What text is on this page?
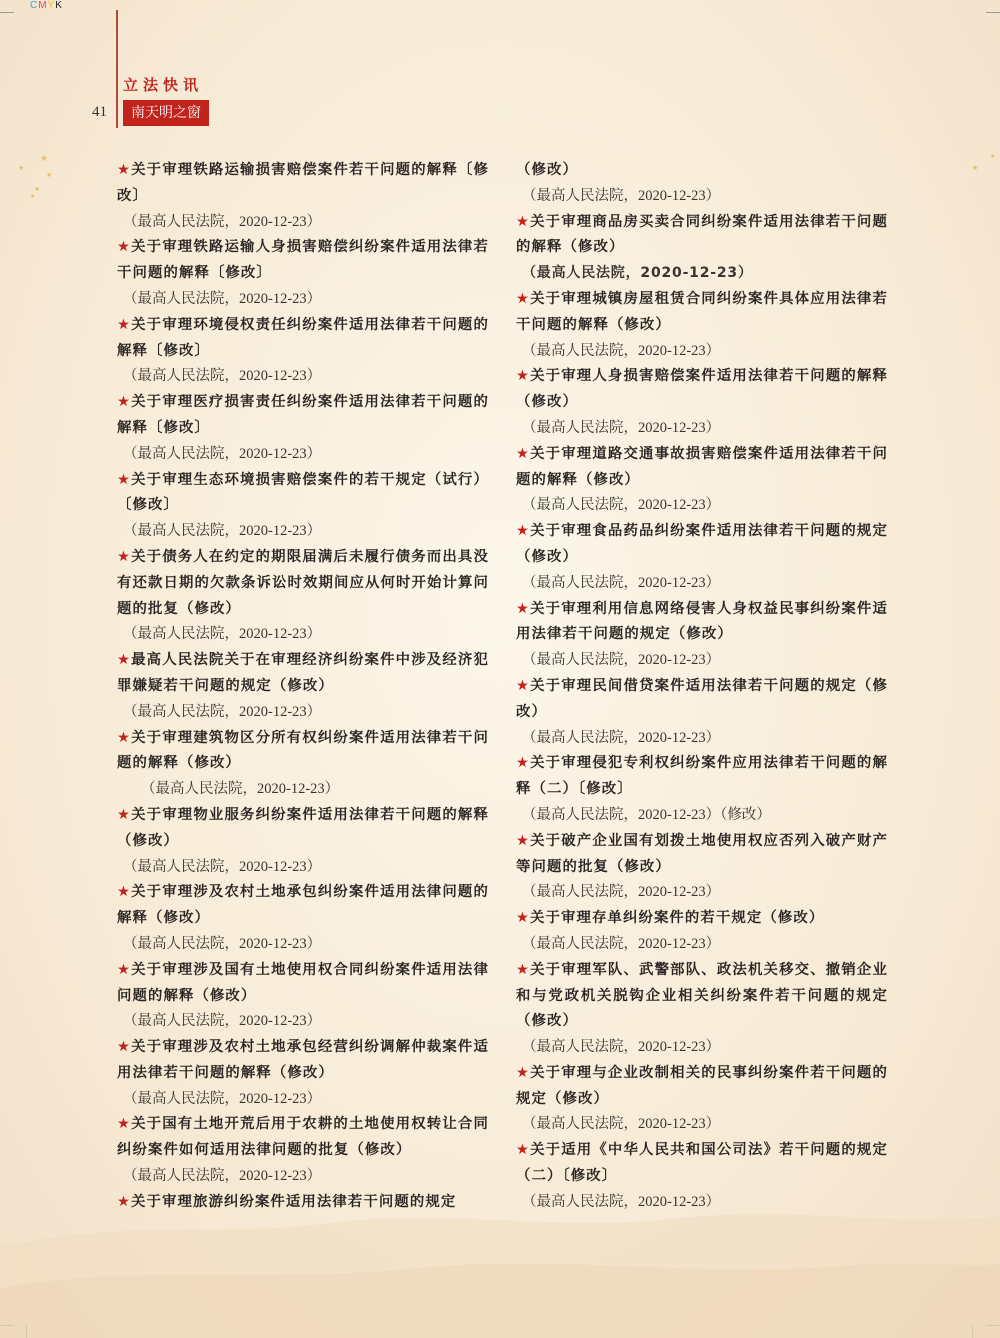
CMYK
★
★
★
★
★
★
★
立法快讯
41	南天明之窗
★关于审理铁路运输损害赔偿案件若干问题的解释〔修改〕
（最高人民法院，2020-12-23）
★关于审理铁路运输人身损害赔偿纠纷案件适用法律若干问题的解释〔修改〕
（最高人民法院，2020-12-23）
★关于审理环境侵权责任纠纷案件适用法律若干问题的解释〔修改〕
（最高人民法院，2020-12-23）
★关于审理医疗损害责任纠纷案件适用法律若干问题的解释〔修改〕
（最高人民法院，2020-12-23）
★关于审理生态环境损害赔偿案件的若干规定（试行）〔修改〕
（最高人民法院，2020-12-23）
★关于债务人在约定的期限届满后未履行债务而出具没有还款日期的欠款条诉讼时效期间应从何时开始计算问题的批复（修改）
（最高人民法院，2020-12-23）
★最高人民法院关于在审理经济纠纷案件中涉及经济犯罪嫌疑若干问题的规定（修改）
（最高人民法院，2020-12-23）
★关于审理建筑物区分所有权纠纷案件适用法律若干问题的解释（修改）
（最高人民法院，2020-12-23）
★关于审理物业服务纠纷案件适用法律若干问题的解释（修改）
（最高人民法院，2020-12-23）
★关于审理涉及农村土地承包纠纷案件适用法律问题的解释（修改）
（最高人民法院，2020-12-23）
★关于审理涉及国有土地使用权合同纠纷案件适用法律问题的解释（修改）
（最高人民法院，2020-12-23）
★关于审理涉及农村土地承包经营纠纷调解仲裁案件适用法律若干问题的解释（修改）
（最高人民法院，2020-12-23）
★关于国有土地开荒后用于农耕的土地使用权转让合同纠纷案件如何适用法律问题的批复（修改）
（最高人民法院，2020-12-23）
★关于审理旅游纠纷案件适用法律若干问题的规定
（修改）
（最高人民法院，2020-12-23）
★关于审理商品房买卖合同纠纷案件适用法律若干问题的解释（修改）
（最高人民法院，2020-12-23）
★关于审理城镇房屋租赁合同纠纷案件具体应用法律若干问题的解释（修改）
（最高人民法院，2020-12-23）
★关于审理人身损害赔偿案件适用法律若干问题的解释（修改）
（最高人民法院，2020-12-23）
★关于审理道路交通事故损害赔偿案件适用法律若干问题的解释（修改）
（最高人民法院，2020-12-23）
★关于审理食品药品纠纷案件适用法律若干问题的规定（修改）
（最高人民法院，2020-12-23）
★关于审理利用信息网络侵害人身权益民事纠纷案件适用法律若干问题的规定（修改）
（最高人民法院，2020-12-23）
★关于审理民间借贷案件适用法律若干问题的规定（修改）
（最高人民法院，2020-12-23）
★关于审理侵犯专利权纠纷案件应用法律若干问题的解释（二）〔修改〕
（最高人民法院，2020-12-23）（修改）
★关于破产企业国有划拨土地使用权应否列入破产财产等问题的批复（修改）
（最高人民法院，2020-12-23）
★关于审理存单纠纷案件的若干规定（修改）
（最高人民法院，2020-12-23）
★关于审理军队、武警部队、政法机关移交、撤销企业和与党政机关脱钩企业相关纠纷案件若干问题的规定（修改）
（最高人民法院，2020-12-23）
★关于审理与企业改制相关的民事纠纷案件若干问题的规定（修改）
（最高人民法院，2020-12-23）
★关于适用《中华人民共和国公司法》若干问题的规定（二）〔修改〕
（最高人民法院，2020-12-23）
